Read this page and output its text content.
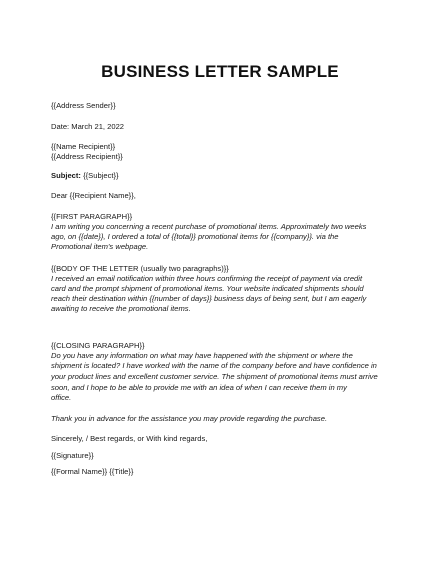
BUSINESS LETTER SAMPLE
{{Address Sender}}
Date: March 21, 2022
{{Name Recipient}}
{{Address Recipient}}
Subject: {{Subject}}
Dear {{Recipient Name}},
{{FIRST PARAGRAPH}}
I am writing you concerning a recent purchase of promotional items. Approximately two weeks
ago, on {{date}}, I ordered a total of {{total}} promotional items for {{company}}. via the
Promotional item's webpage.
{{BODY OF THE LETTER (usually two paragraphs)}}
I received an email notification within three hours confirming the receipt of payment via credit
card and the prompt shipment of promotional items. Your website indicated shipments should
reach their destination within {{number of days}} business days of being sent, but I am eagerly
awaiting to receive the promotional items.
{{CLOSING PARAGRAPH}}
Do you have any information on what may have happened with the shipment or where the
shipment is located? I have worked with the name of the company before and have confidence in
your product lines and excellent customer service. The shipment of promotional items must arrive
soon, and I hope to be able to provide me with an idea of when I can receive them in my
office.
Thank you in advance for the assistance you may provide regarding the purchase.
Sincerely, / Best regards, or With kind regards,
{{Signature}}
{{Formal Name}} {{Title}}
